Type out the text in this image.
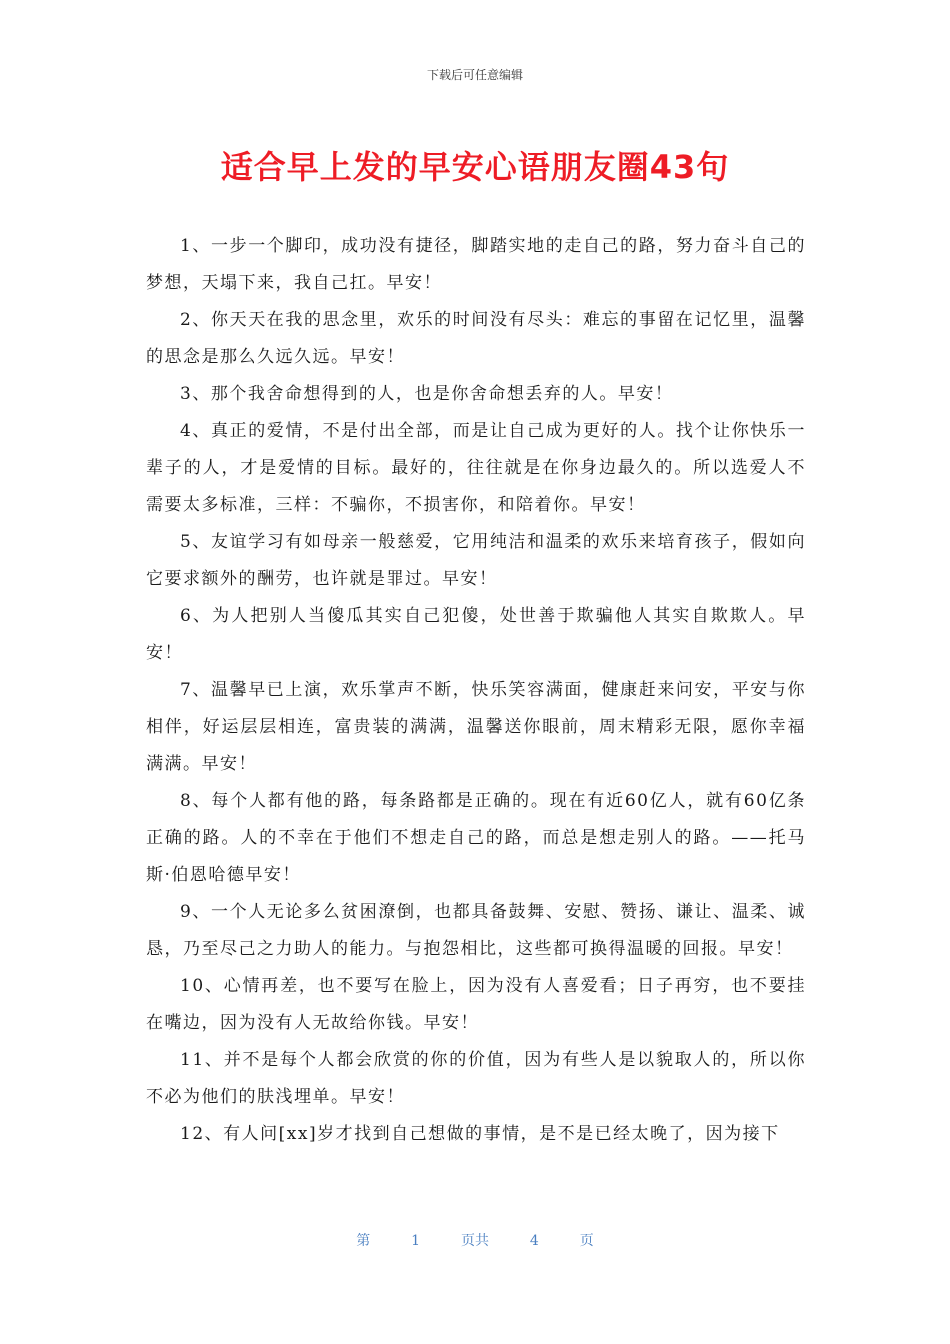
下载后可任意编辑
适合早上发的早安心语朋友圈43句

1、一步一个脚印，成功没有捷径，脚踏实地的走自己的路，努力奋斗自己的梦想，天塌下来，我自己扛。早安！

2、你天天在我的思念里，欢乐的时间没有尽头：难忘的事留在记忆里，温馨的思念是那么久远久远。早安！

3、那个我舍命想得到的人，也是你舍命想丢弃的人。早安！

4、真正的爱情，不是付出全部，而是让自己成为更好的人。找个让你快乐一辈子的人，才是爱情的目标。最好的，往往就是在你身边最久的。所以选爱人不需要太多标准，三样：不骗你，不损害你，和陪着你。早安！

5、友谊学习有如母亲一般慈爱，它用纯洁和温柔的欢乐来培育孩子，假如向它要求额外的酬劳，也许就是罪过。早安！

6、为人把别人当傻瓜其实自己犯傻，处世善于欺骗他人其实自欺欺人。早安！

7、温馨早已上演，欢乐掌声不断，快乐笑容满面，健康赶来问安，平安与你相伴，好运层层相连，富贵装的满满，温馨送你眼前，周末精彩无限，愿你幸福满满。早安！

8、每个人都有他的路，每条路都是正确的。现在有近60亿人，就有60亿条正确的路。人的不幸在于他们不想走自己的路，而总是想走别人的路。——托马斯·伯恩哈德早安！

9、一个人无论多么贫困潦倒，也都具备鼓舞、安慰、赞扬、谦让、温柔、诚恳，乃至尽己之力助人的能力。与抱怨相比，这些都可换得温暖的回报。早安！

10、心情再差，也不要写在脸上，因为没有人喜爱看；日子再穷，也不要挂在嘴边，因为没有人无故给你钱。早安！

11、并不是每个人都会欣赏的你的价值，因为有些人是以貌取人的，所以你不必为他们的肤浅埋单。早安！

12、有人问[xx]岁才找到自己想做的事情，是不是已经太晚了，因为接下

第	1	页共	4	页
